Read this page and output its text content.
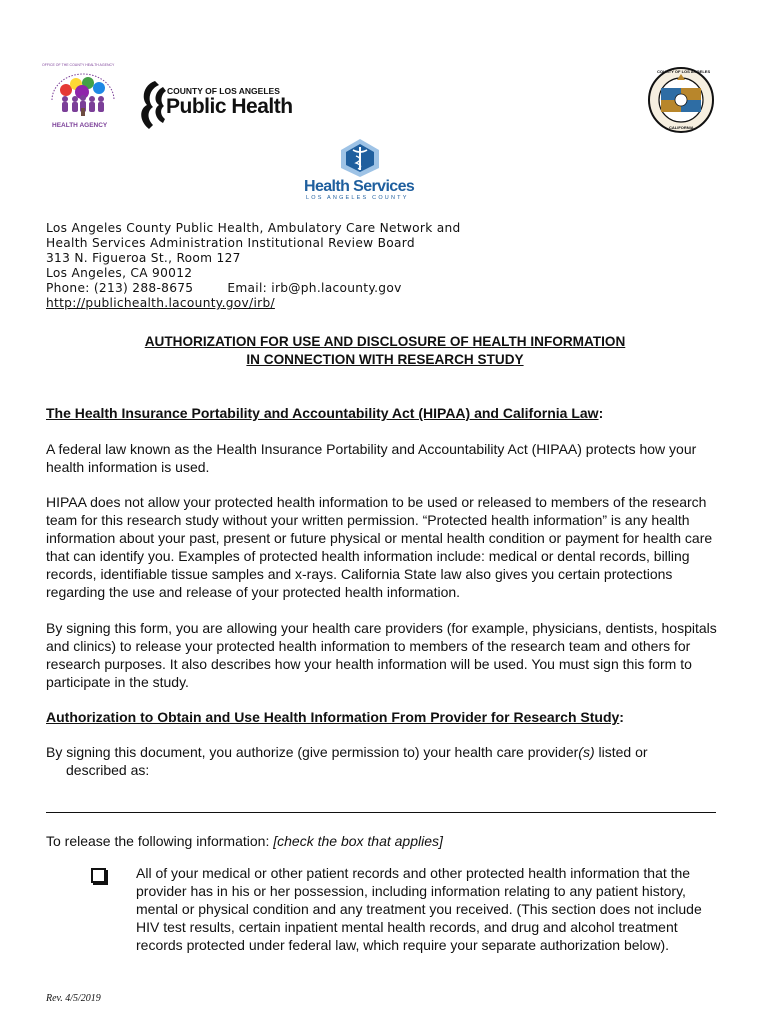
OFFICE OF THE COUNTY HEALTH AGENCY
HEALTH AGENCY
COUNTY OF LOS ANGELES
Public Health
COUNTY OF LOS ANGELES
CALIFORNIA
Health Services
LOS ANGELES COUNTY
Los Angeles County Public Health, Ambulatory Care Network and
Health Services Administration Institutional Review Board
313 N. Figueroa St., Room 127
Los Angeles, CA 90012
Phone: (213) 288-8675	Email: irb@ph.lacounty.gov
http://publichealth.lacounty.gov/irb/
AUTHORIZATION FOR USE AND DISCLOSURE OF HEALTH INFORMATION
IN CONNECTION WITH RESEARCH STUDY

The Health Insurance Portability and Accountability Act (HIPAA) and California Law:

A federal law known as the Health Insurance Portability and Accountability Act (HIPAA) protects how your health information is used.

HIPAA does not allow your protected health information to be used or released to members of the research team for this research study without your written permission. “Protected health information” is any health information about your past, present or future physical or mental health condition or payment for health care that can identify you. Examples of protected health information include: medical or dental records, billing records, identifiable tissue samples and x-rays. California State law also gives you certain protections regarding the use and release of your protected health information.

By signing this form, you are allowing your health care providers (for example, physicians, dentists, hospitals and clinics) to release your protected health information to members of the research team and others for research purposes. It also describes how your health information will be used. You must sign this form to participate in the study.

Authorization to Obtain and Use Health Information From Provider for Research Study:

By signing this document, you authorize (give permission to) your health care provider(s) listed or

described as:

To release the following information: [check the box that applies]

All of your medical or other patient records and other protected health information that the provider has in his or her possession, including information relating to any patient history, mental or physical condition and any treatment you received. (This section does not include HIV test results, certain inpatient mental health records, and drug and alcohol treatment records protected under federal law, which require your separate authorization below).
Rev. 4/5/2019
